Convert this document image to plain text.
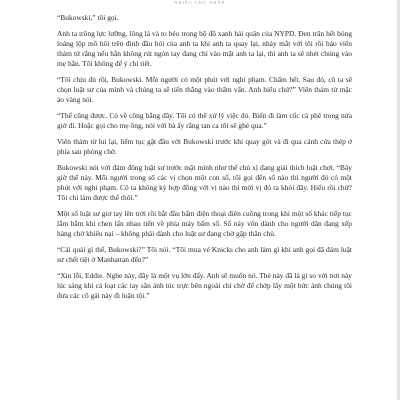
NHIỀU CHỦ NHÂN

“Bukowski,” tôi gọi.

Anh ta trông lực lưỡng, lông lá và to béo trong bộ đồ xanh hải quân của NYPD. Đen trăn hết bóng loáng lộp mồ hôi trên đỉnh đầu hói của anh ta khi anh ta quay lại, nhảy mắt với tôi rồi bảo viên thám tử rằng nếu hắn không rút ngón tay đang chỉ vào mặt anh ta lại, thì anh ta sẽ nhét chúng vào mẹ hắn. Tôi không để ý chi tiết.

“Tôi chịu đủ rồi, Bukowski. Mỗi người có một phút với nghi phạm. Chấm hết. Sau đó, cô ta sẽ chọn luật sư của mình và chúng ta sẽ tiến thẳng vào thẩm vấn. Anh hiểu chứ?” Viên thám tử mặc áo vàng nói.

“Thế cũng được. Có về công bằng đây. Tôi có thể xử lý việc đó. Biến đi làm cốc cà phê trong nửa giờ đi. Hoặc gọi cho mẹ ông, nói với bà ấy rằng tan ca tôi sẽ ghé qua.”

Viên thám tử lui lại, liếm tục gặt đầu với Bukowski trước khi quay gót và đi qua cánh cửa thép ở phía sau phòng chờ.

Bukowski nói với đám đông luật sư trước mặt mình như thể chủ xị đang giải thích luật chơi. “Bây giờ thế này. Mỗi người trong số các vị chọn một con số, tôi gọi đến số nào thì người đó có một phút với nghi phạm. Cô ta không kỳ hợp đồng với vị nào thì mời vị đó ra khỏi đây. Hiểu rồi chứ? Tôi chỉ làm được thế thôi.”

Một số luật sư giơ tay lên trời rồi bắt đầu bấm điện thoại điên cuồng trong khi một số khác tiếp tục lắm bắm khi chen lấn nhau tiến về phía máy bấm số. Số này vốn dành cho người dân đang xếp hàng chờ khiếu nại – không phải dành cho luật sư đang chờ gặp thân chủ.

“Cái quái gì thế, Bukowski?” Tôi nói. “Tôi mua vé Knicks cho anh làm gì khi anh gọi đã đám luật sư chết tiệt ở Manhattan đến?”

“Xin lỗi, Eddie. Nghe này, đây là một vụ lớn đấy. Anh sẽ muốn nó. Thẻ này đã là gì so với nơi này lúc sáng khi cả loạt các tay săn ảnh túc trực bên ngoài chỉ chờ để chớp lấy một bức ảnh chúng tôi đưa các cô gái này đi luận tội.”
